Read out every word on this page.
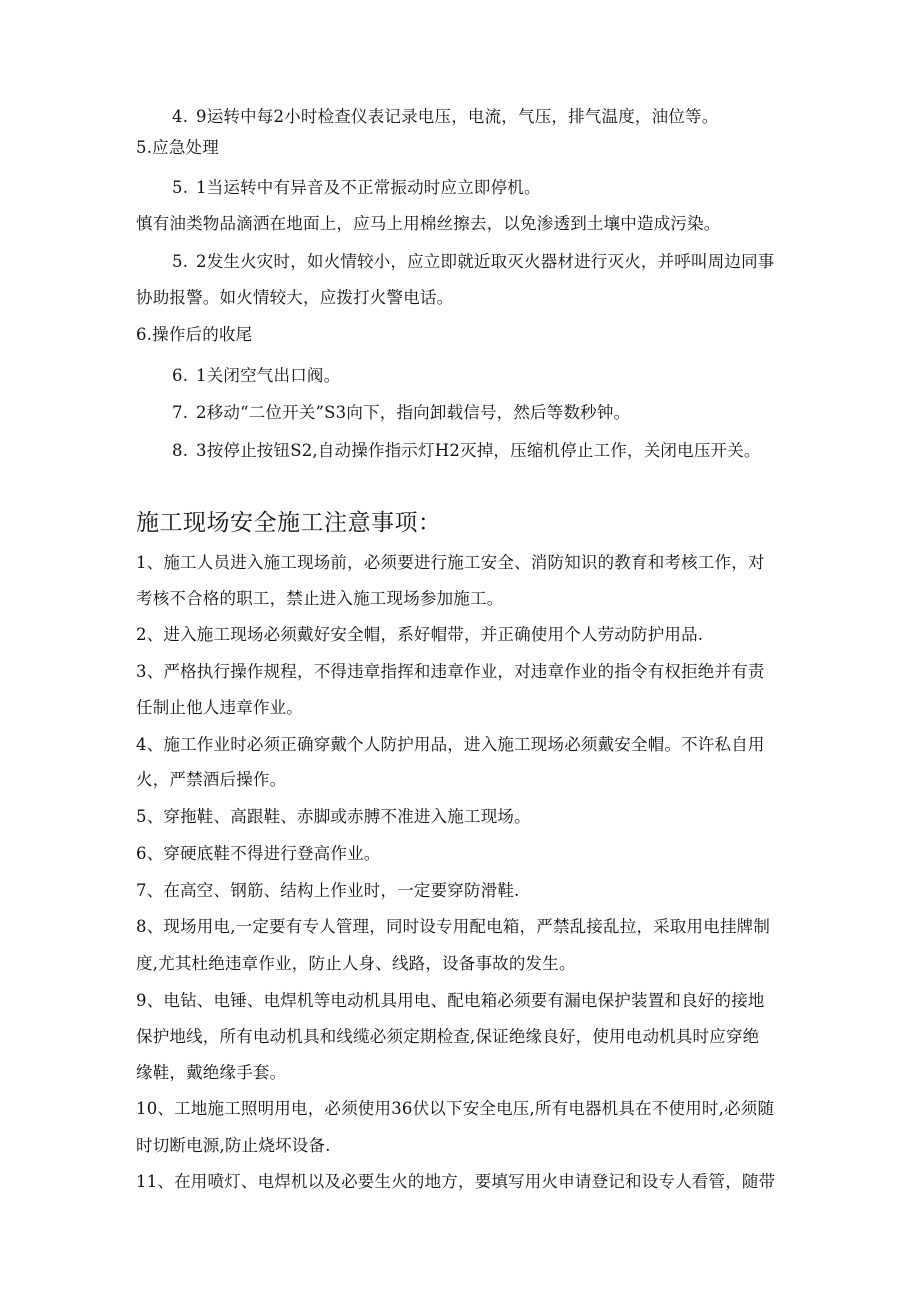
4. 9运转中每2小时检查仪表记录电压，电流，气压，排气温度，油位等。
5.应急处理
5. 1当运转中有异音及不正常振动时应立即停机。
慎有油类物品滴洒在地面上，应马上用棉丝擦去，以免渗透到土壤中造成污染。
5. 2发生火灾时，如火情较小，应立即就近取灭火器材进行灭火，并呼叫周边同事
协助报警。如火情较大，应拨打火警电话。
6.操作后的收尾
6. 1关闭空气出口阀。
7. 2移动“二位开关”S3向下，指向卸载信号，然后等数秒钟。
8. 3按停止按钮S2,自动操作指示灯H2灭掉，压缩机停止工作，关闭电压开关。
施工现场安全施工注意事项：
1、施工人员进入施工现场前，必须要进行施工安全、消防知识的教育和考核工作，对
考核不合格的职工，禁止进入施工现场参加施工。
2、进入施工现场必须戴好安全帽，系好帽带，并正确使用个人劳动防护用品.
3、严格执行操作规程，不得违章指挥和违章作业，对违章作业的指令有权拒绝并有责
任制止他人违章作业。
4、施工作业时必须正确穿戴个人防护用品，进入施工现场必须戴安全帽。不许私自用
火，严禁酒后操作。
5、穿拖鞋、高跟鞋、赤脚或赤膊不准进入施工现场。
6、穿硬底鞋不得进行登高作业。
7、在高空、钢筋、结构上作业时，一定要穿防滑鞋.
8、现场用电,一定要有专人管理，同时设专用配电箱，严禁乱接乱拉，采取用电挂牌制
度,尤其杜绝违章作业，防止人身、线路，设备事故的发生。
9、电钻、电锤、电焊机等电动机具用电、配电箱必须要有漏电保护装置和良好的接地
保护地线，所有电动机具和线缆必须定期检查,保证绝缘良好，使用电动机具时应穿绝
缘鞋，戴绝缘手套。
10、工地施工照明用电，必须使用36伏以下安全电压,所有电器机具在不使用时,必须随
时切断电源,防止烧坏设备.
11、在用喷灯、电焊机以及必要生火的地方，要填写用火申请登记和设专人看管，随带
